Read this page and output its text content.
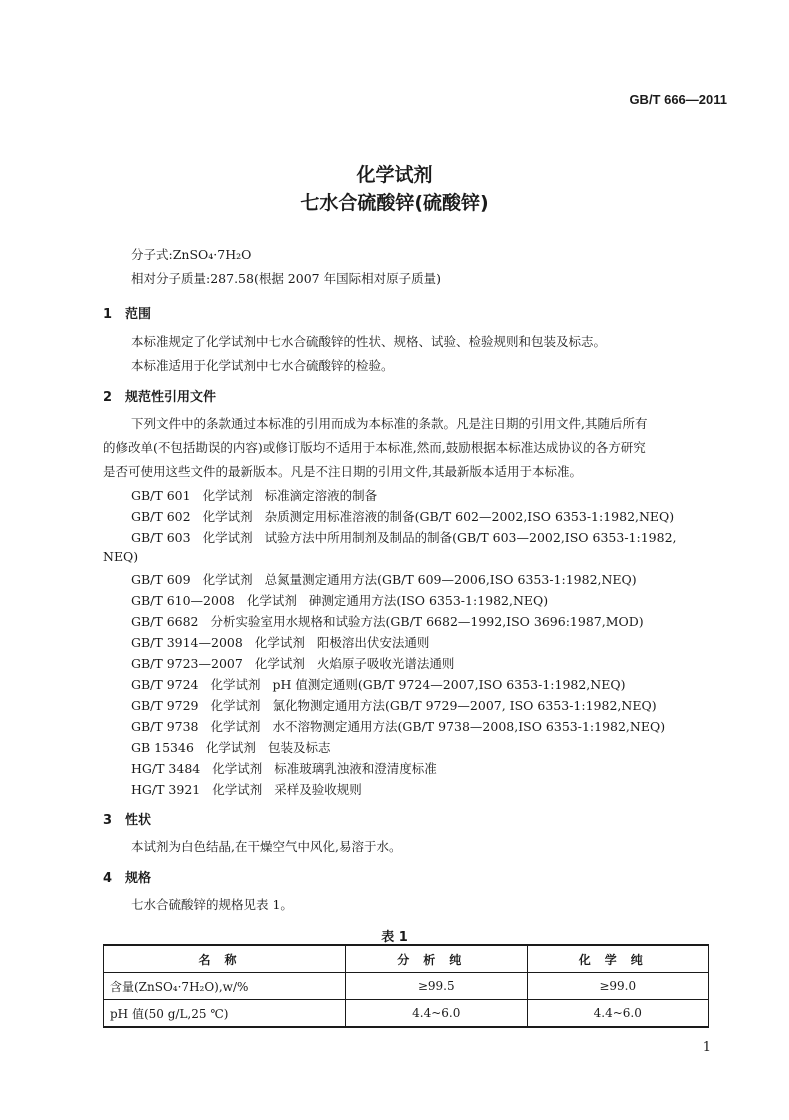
GB/T 666—2011
化学试剂
七水合硫酸锌(硫酸锌)
分子式:ZnSO₄·7H₂O
相对分子质量:287.58(根据 2007 年国际相对原子质量)
1 范围
本标准规定了化学试剂中七水合硫酸锌的性状、规格、试验、检验规则和包装及标志。
本标准适用于化学试剂中七水合硫酸锌的检验。
2 规范性引用文件
下列文件中的条款通过本标准的引用而成为本标准的条款。凡是注日期的引用文件,其随后所有
的修改单(不包括勘误的内容)或修订版均不适用于本标准,然而,鼓励根据本标准达成协议的各方研究
是否可使用这些文件的最新版本。凡是不注日期的引用文件,其最新版本适用于本标准。
GB/T 601 化学试剂 标准滴定溶液的制备
GB/T 602 化学试剂 杂质测定用标准溶液的制备(GB/T 602—2002,ISO 6353-1:1982,NEQ)
GB/T 603 化学试剂 试验方法中所用制剂及制品的制备(GB/T 603—2002,ISO 6353-1:1982,
NEQ)
GB/T 609 化学试剂 总氮量测定通用方法(GB/T 609—2006,ISO 6353-1:1982,NEQ)
GB/T 610—2008 化学试剂 砷测定通用方法(ISO 6353-1:1982,NEQ)
GB/T 6682 分析实验室用水规格和试验方法(GB/T 6682—1992,ISO 3696:1987,MOD)
GB/T 3914—2008 化学试剂 阳极溶出伏安法通则
GB/T 9723—2007 化学试剂 火焰原子吸收光谱法通则
GB/T 9724 化学试剂 pH 值测定通则(GB/T 9724—2007,ISO 6353-1:1982,NEQ)
GB/T 9729 化学试剂 氯化物测定通用方法(GB/T 9729—2007, ISO 6353-1:1982,NEQ)
GB/T 9738 化学试剂 水不溶物测定通用方法(GB/T 9738—2008,ISO 6353-1:1982,NEQ)
GB 15346 化学试剂 包装及标志
HG/T 3484 化学试剂 标准玻璃乳浊液和澄清度标准
HG/T 3921 化学试剂 采样及验收规则
3 性状
本试剂为白色结晶,在干燥空气中风化,易溶于水。
4 规格
表 1
名称	分析纯	化学纯
含量(ZnSO₄·7H₂O),w/%	≥99.5	≥99.0
pH 值(50 g/L,25 ℃)	4.4~6.0	4.4~6.0
1
七水合硫酸锌的规格见表 1。
